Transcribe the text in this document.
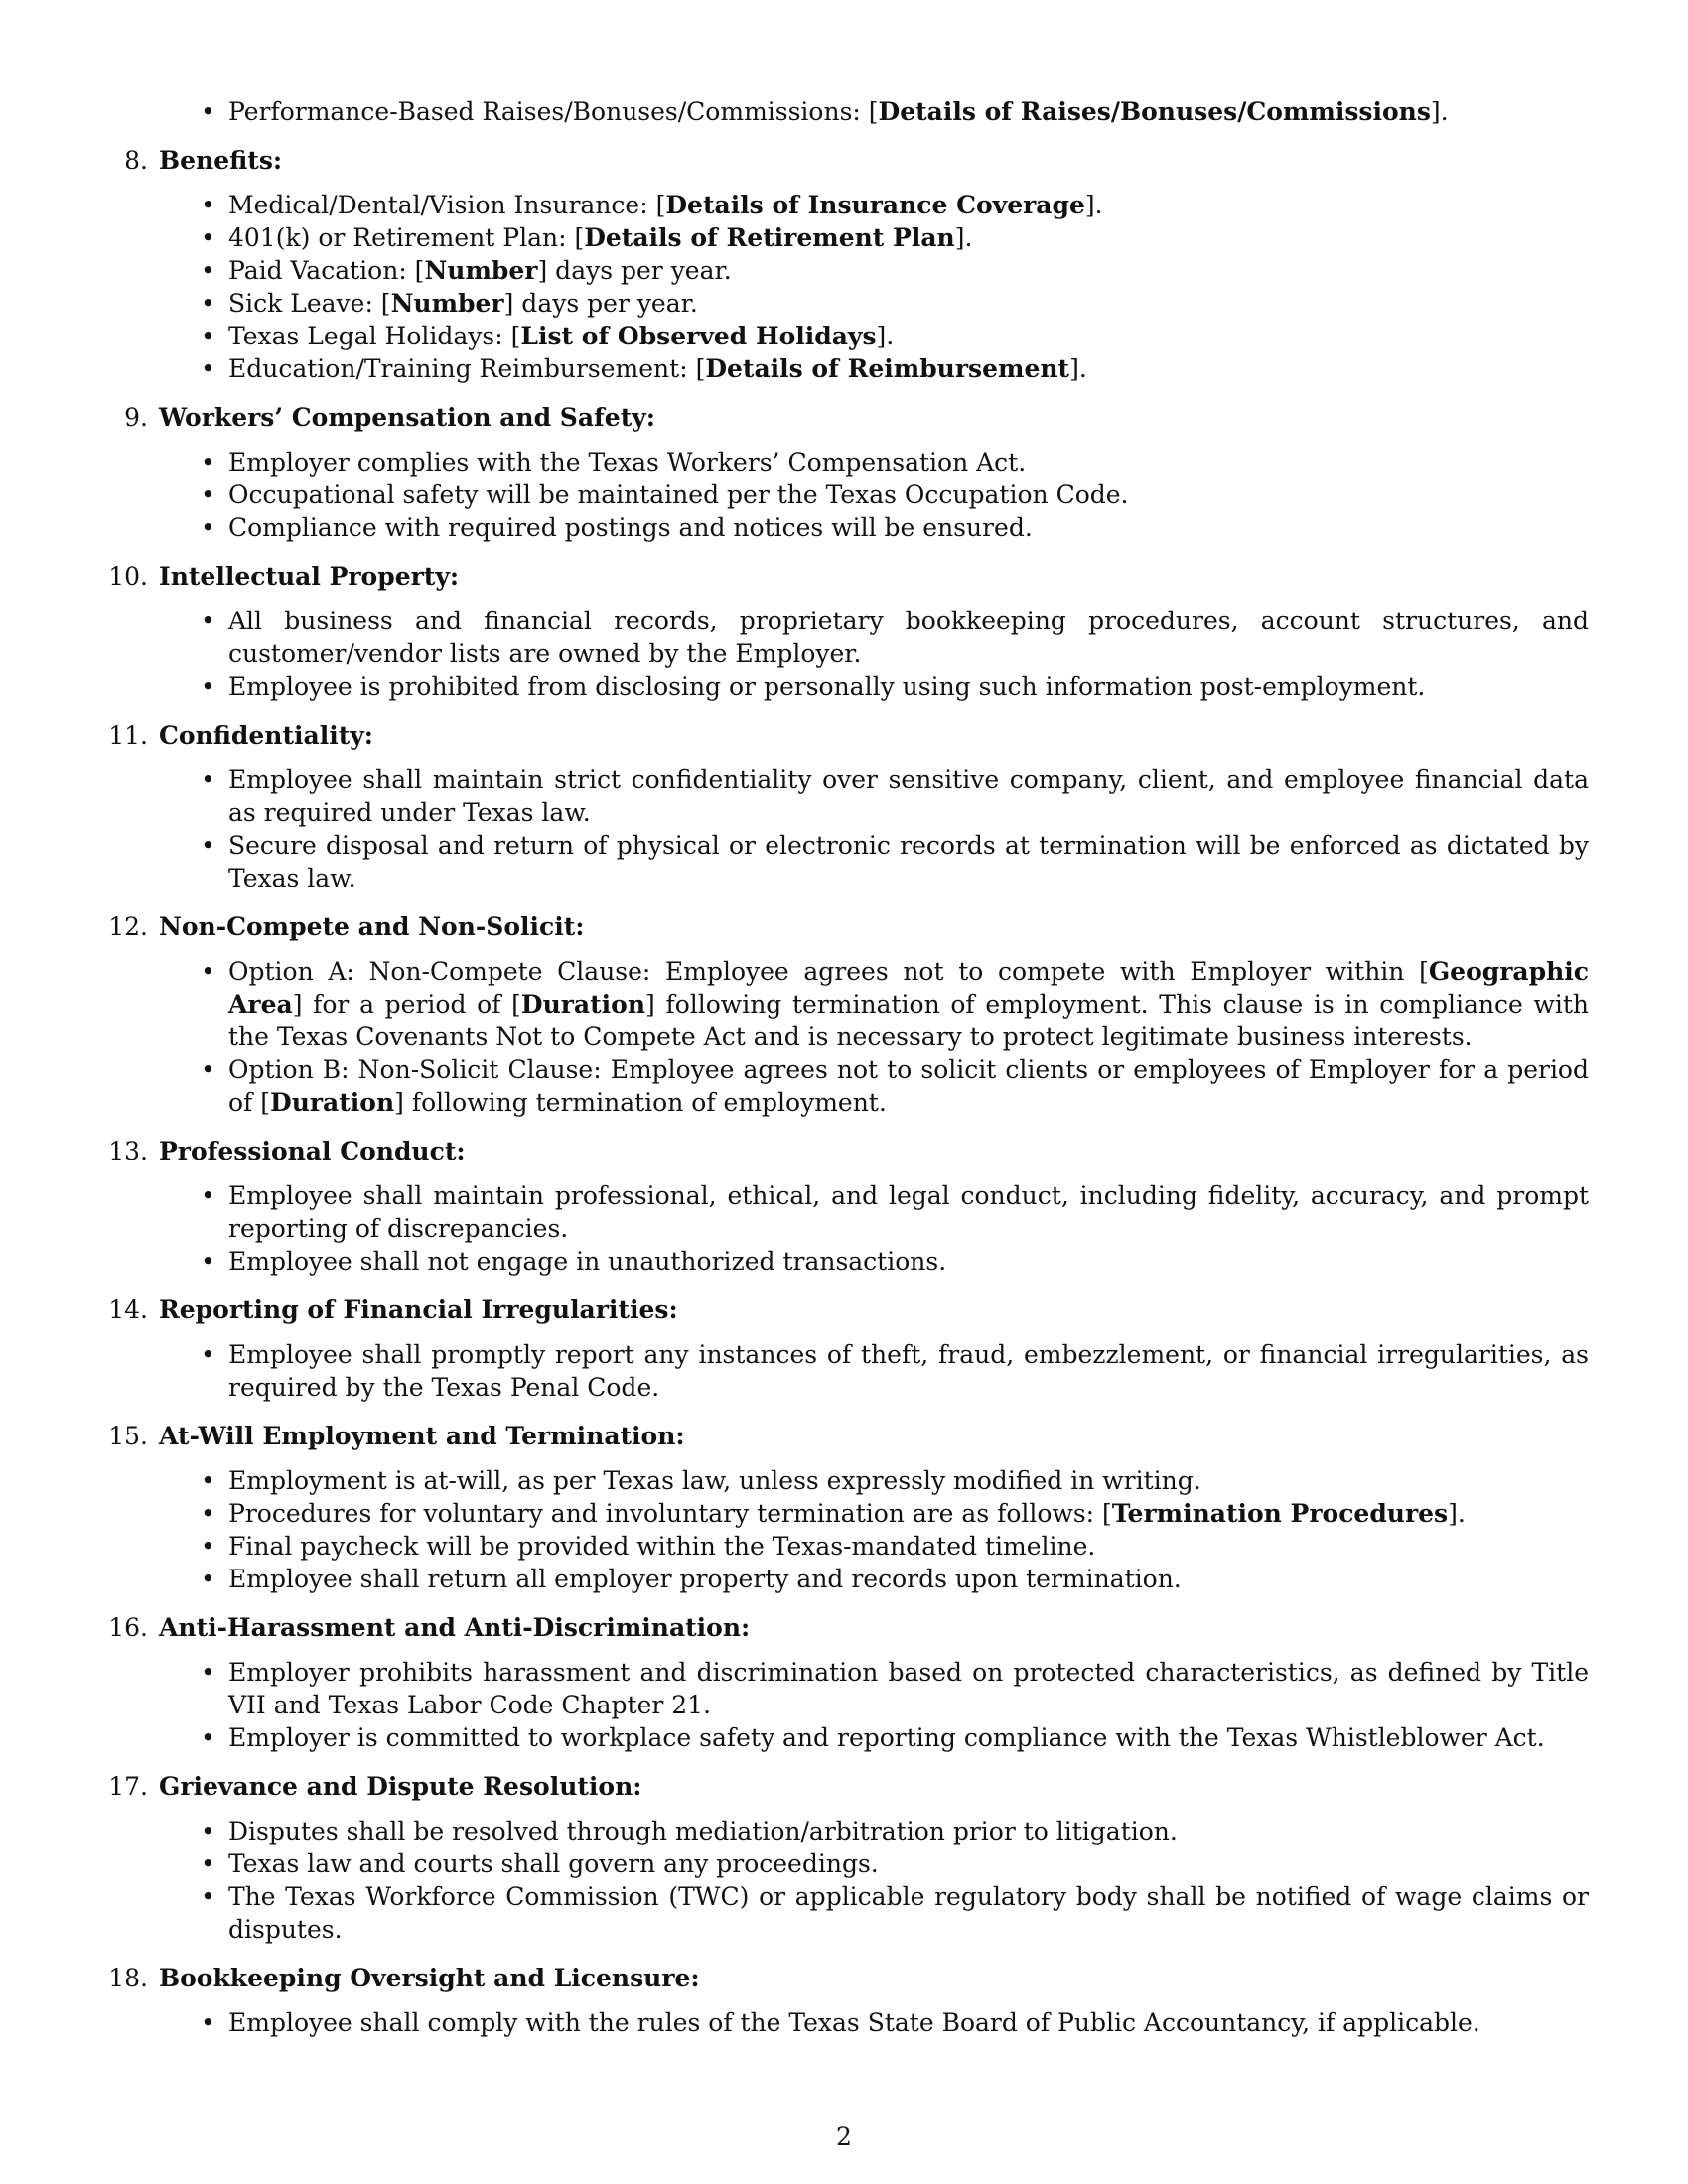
• Performance-Based Raises/Bonuses/Commissions: [Details of Raises/Bonuses/Commissions].
8. Benefits:
• Medical/Dental/Vision Insurance: [Details of Insurance Coverage].
• 401(k) or Retirement Plan: [Details of Retirement Plan].
• Paid Vacation: [Number] days per year.
• Sick Leave: [Number] days per year.
• Texas Legal Holidays: [List of Observed Holidays].
• Education/Training Reimbursement: [Details of Reimbursement].
9. Workers’ Compensation and Safety:
• Employer complies with the Texas Workers’ Compensation Act.
• Occupational safety will be maintained per the Texas Occupation Code.
• Compliance with required postings and notices will be ensured.
10. Intellectual Property:
• All business and financial records, proprietary bookkeeping procedures, account structures, and customer/vendor lists are owned by the Employer.
• Employee is prohibited from disclosing or personally using such information post-employment.
11. Confidentiality:
• Employee shall maintain strict confidentiality over sensitive company, client, and employee financial data as required under Texas law.
• Secure disposal and return of physical or electronic records at termination will be enforced as dictated by Texas law.
12. Non-Compete and Non-Solicit:
• Option A: Non-Compete Clause: Employee agrees not to compete with Employer within [Geographic Area] for a period of [Duration] following termination of employment. This clause is in compliance with the Texas Covenants Not to Compete Act and is necessary to protect legitimate business interests.
• Option B: Non-Solicit Clause: Employee agrees not to solicit clients or employees of Employer for a period of [Duration] following termination of employment.
13. Professional Conduct:
• Employee shall maintain professional, ethical, and legal conduct, including fidelity, accuracy, and prompt reporting of discrepancies.
• Employee shall not engage in unauthorized transactions.
14. Reporting of Financial Irregularities:
• Employee shall promptly report any instances of theft, fraud, embezzlement, or financial irregularities, as required by the Texas Penal Code.
15. At-Will Employment and Termination:
• Employment is at-will, as per Texas law, unless expressly modified in writing.
• Procedures for voluntary and involuntary termination are as follows: [Termination Procedures].
• Final paycheck will be provided within the Texas-mandated timeline.
• Employee shall return all employer property and records upon termination.
16. Anti-Harassment and Anti-Discrimination:
• Employer prohibits harassment and discrimination based on protected characteristics, as defined by Title VII and Texas Labor Code Chapter 21.
• Employer is committed to workplace safety and reporting compliance with the Texas Whistleblower Act.
17. Grievance and Dispute Resolution:
• Disputes shall be resolved through mediation/arbitration prior to litigation.
• Texas law and courts shall govern any proceedings.
• The Texas Workforce Commission (TWC) or applicable regulatory body shall be notified of wage claims or disputes.
18. Bookkeeping Oversight and Licensure:
• Employee shall comply with the rules of the Texas State Board of Public Accountancy, if applicable.
2
